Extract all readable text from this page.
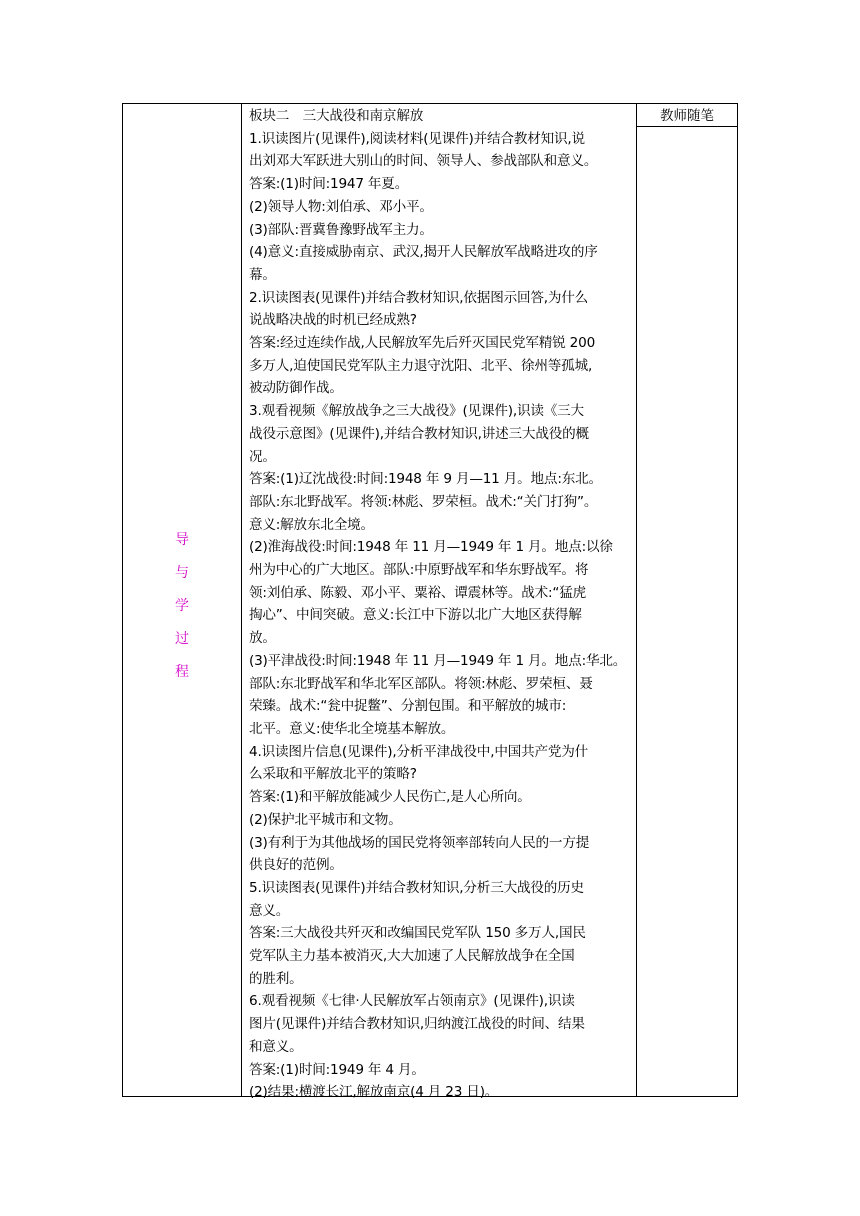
导
与
学
过
程
教师随笔

板块二　三大战役和南京解放

1.识读图片(见课件),阅读材料(见课件)并结合教材知识,说

出刘邓大军跃进大别山的时间、领导人、参战部队和意义。

答案:(1)时间:1947 年夏。

(2)领导人物:刘伯承、邓小平。

(3)部队:晋冀鲁豫野战军主力。

(4)意义:直接威胁南京、武汉,揭开人民解放军战略进攻的序

幕。

2.识读图表(见课件)并结合教材知识,依据图示回答,为什么

说战略决战的时机已经成熟?

答案:经过连续作战,人民解放军先后歼灭国民党军精锐 200

多万人,迫使国民党军队主力退守沈阳、北平、徐州等孤城,

被动防御作战。

3.观看视频《解放战争之三大战役》(见课件),识读《三大

战役示意图》(见课件),并结合教材知识,讲述三大战役的概

况。

答案:(1)辽沈战役:时间:1948 年 9 月—11 月。地点:东北。

部队:东北野战军。将领:林彪、罗荣桓。战术:“关门打狗”。

意义:解放东北全境。

(2)淮海战役:时间:1948 年 11 月—1949 年 1 月。地点:以徐

州为中心的广大地区。部队:中原野战军和华东野战军。将

领:刘伯承、陈毅、邓小平、粟裕、谭震林等。战术:“猛虎

掏心”、中间突破。意义:长江中下游以北广大地区获得解

放。

(3)平津战役:时间:1948 年 11 月—1949 年 1 月。地点:华北。

部队:东北野战军和华北军区部队。将领:林彪、罗荣桓、聂

荣臻。战术:“瓮中捉鳖”、分割包围。和平解放的城市:

北平。意义:使华北全境基本解放。

4.识读图片信息(见课件),分析平津战役中,中国共产党为什

么采取和平解放北平的策略?

答案:(1)和平解放能减少人民伤亡,是人心所向。

(2)保护北平城市和文物。

(3)有利于为其他战场的国民党将领率部转向人民的一方提

供良好的范例。

5.识读图表(见课件)并结合教材知识,分析三大战役的历史

意义。

答案:三大战役共歼灭和改编国民党军队 150 多万人,国民

党军队主力基本被消灭,大大加速了人民解放战争在全国

的胜利。

6.观看视频《七律·人民解放军占领南京》(见课件),识读

图片(见课件)并结合教材知识,归纳渡江战役的时间、结果

和意义。

答案:(1)时间:1949 年 4 月。

(2)结果:横渡长江,解放南京(4 月 23 日)。
